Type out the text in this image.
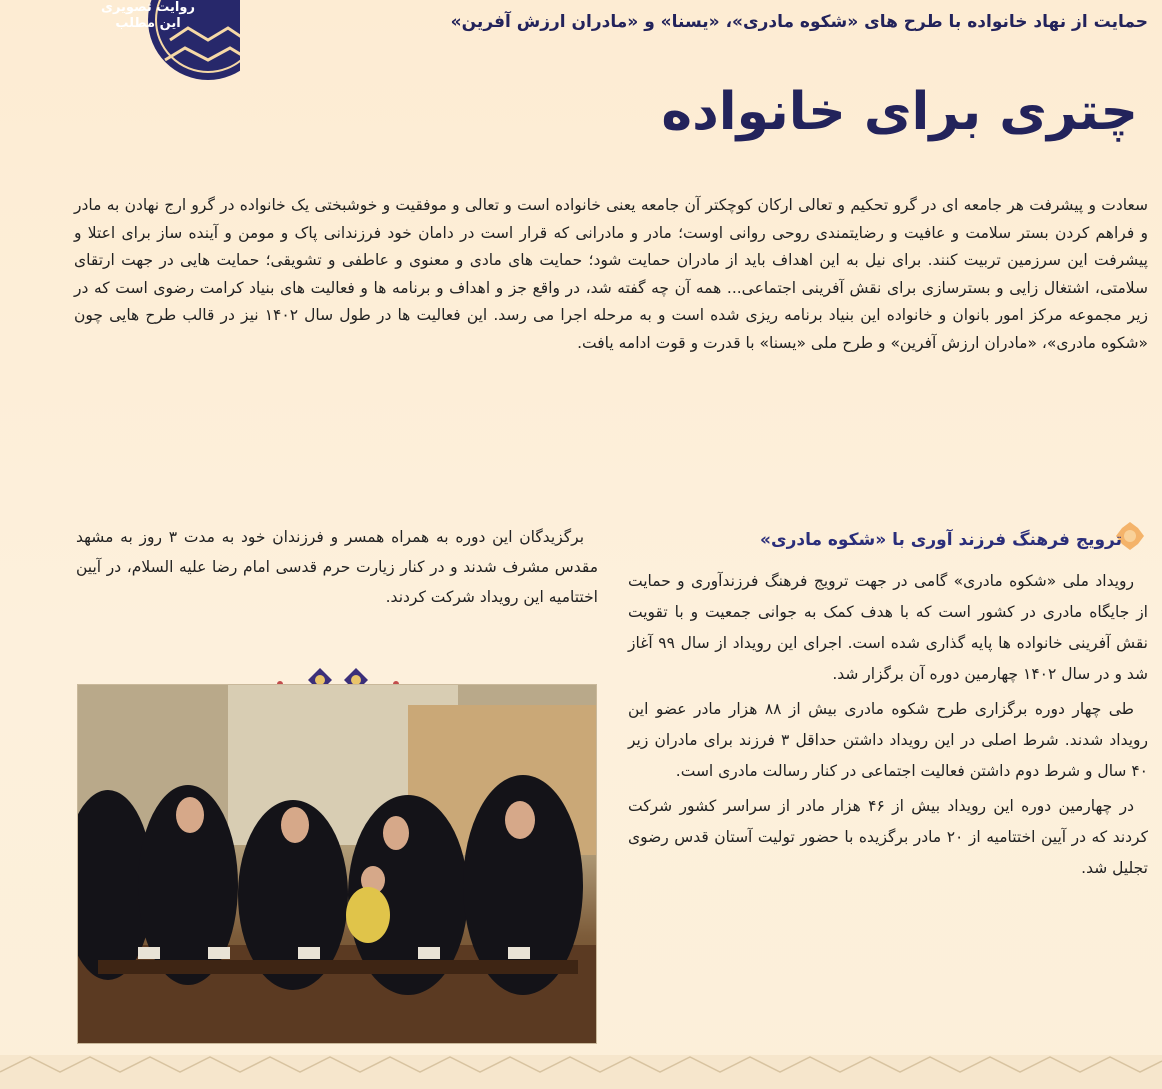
روایت تصویری
این مطلب	حمایت از نهاد خانواده با طرح های «شکوه مادری»، «یسنا» و «مادران ارزش آفرین»
چتری برای خانواده
سعادت و پیشرفت هر جامعه ای در گرو تحکیم و تعالی ارکان کوچکتر آن جامعه یعنی خانواده است و تعالی و موفقیت و خوشبختی یک خانواده در گرو ارج نهادن به مادر و فراهم کردن بستر سلامت و عافیت و رضایتمندی روحی روانی اوست؛ مادر و مادرانی که قرار است در دامان خود فرزندانی پاک و مومن و آینده ساز برای اعتلا و پیشرفت این سرزمین تربیت کنند. برای نیل به این اهداف باید از مادران حمایت شود؛ حمایت های مادی و معنوی و عاطفی و تشویقی؛ حمایت هایی در جهت ارتقای سلامتی، اشتغال زایی و بسترسازی برای نقش آفرینی اجتماعی... همه آن چه گفته شد، در واقع جز و اهداف و برنامه ها و فعالیت های بنیاد کرامت رضوی است که در زیر مجموعه مرکز امور بانوان و خانواده این بنیاد برنامه ریزی شده است و به مرحله اجرا می رسد. این فعالیت ها در طول سال ۱۴۰۲ نیز در قالب طرح هایی چون «شکوه مادری»، «مادران ارزش آفرین» و طرح ملی «یسنا» با قدرت و قوت ادامه یافت.
ترویج فرهنگ فرزند آوری با «شکوه مادری»

رویداد ملی «شکوه مادری» گامی در جهت ترویج فرهنگ فرزندآوری و حمایت از جایگاه مادری در کشور است که با هدف کمک به جوانی جمعیت و با تقویت نقش آفرینی خانواده ها پایه گذاری شده است. اجرای این رویداد از سال ۹۹ آغاز شد و در سال ۱۴۰۲ چهارمین دوره آن برگزار شد.

طی چهار دوره برگزاری طرح شکوه مادری بیش از ۸۸ هزار مادر عضو این رویداد شدند. شرط اصلی در این رویداد داشتن حداقل ۳ فرزند برای مادران زیر ۴۰ سال و شرط دوم داشتن فعالیت اجتماعی در کنار رسالت مادری است.

در چهارمین دوره این رویداد بیش از ۴۶ هزار مادر از سراسر کشور شرکت کردند که در آیین اختتامیه از ۲۰ مادر برگزیده با حضور تولیت آستان قدس رضوی تجلیل شد.

برگزیدگان این دوره به همراه همسر و فرزندان خود به مدت ۳ روز به مشهد مقدس مشرف شدند و در کنار زیارت حرم قدسی امام رضا علیه السلام، در آیین اختتامیه این رویداد شرکت کردند.
